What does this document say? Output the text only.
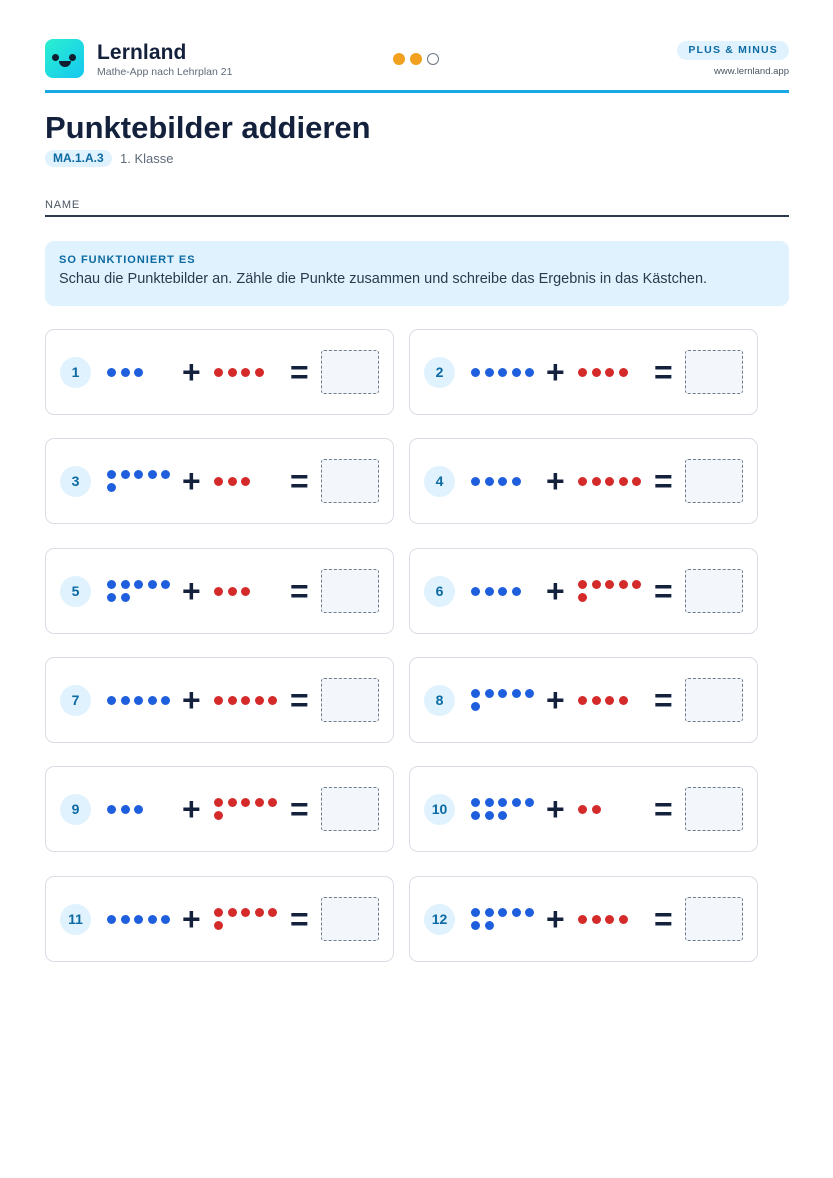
Lernland
Mathe-App nach Lehrplan 21
PLUS & MINUS
www.lernland.app
Punktebilder addieren
MA.1.A.3	1. Klasse
NAME
SO FUNKTIONIERT ES
Schau die Punktebilder an. Zähle die Punkte zusammen und schreibe das Ergebnis in das Kästchen.
1	+	=	2	+	=
3	+	=	4	+	=
5	+	=	6	+	=
7	+	=	8	+	=
9	+	=	10	+	=
11	+	=	12	+	=
